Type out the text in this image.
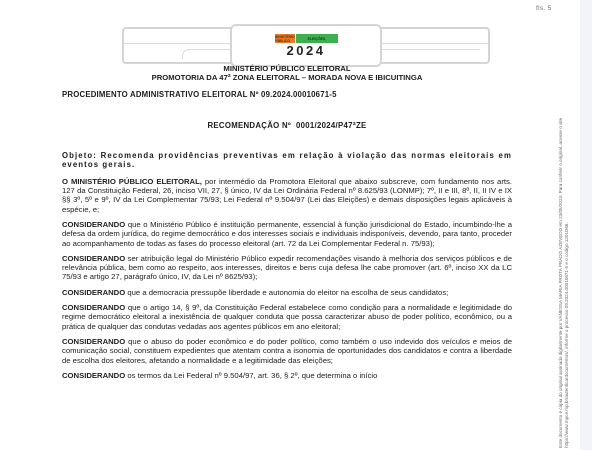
fls. 5
MINISTÉRIO PÚBLICO	ELEIÇÕES
2024
MINISTÉRIO PÚBLICO ELEITORAL
PROMOTORIA DA 47ª ZONA ELEITORAL – MORADA NOVA E IBICUITINGA
PROCEDIMENTO ADMINISTRATIVO ELEITORAL Nº 09.2024.00010671-5
RECOMENDAÇÃO Nº  0001/2024/P47ªZE

Objeto: Recomenda providências preventivas em relação à violação das normas eleitorais em eventos gerais.

O MINISTÉRIO PÚBLICO ELEITORAL, por intermédio da Promotora Eleitoral que abaixo subscreve, com fundamento nos arts. 127 da Constituição Federal, 26, inciso VII, 27, § único, IV da Lei Ordinária Federal nº 8.625/93 (LONMP); 7º, II e III, 8º, II, II IV e IX §§ 3º, 5º e 9º, IV da Lei Complementar 75/93; Lei Federal nº 9.504/97 (Lei das Eleições) e demais disposições legais aplicáveis à espécie, e;

CONSIDERANDO que o Ministério Público é instituição permanente, essencial à função jurisdicional do Estado, incumbindo-lhe a defesa da ordem jurídica, do regime democrático e dos interesses sociais e individuais indisponíveis, devendo, para tanto, proceder ao acompanhamento de todas as fases do processo eleitoral (art. 72 da Lei Complementar Federal n. 75/93);

CONSIDERANDO ser atribuição legal do Ministério Público expedir recomendações visando à melhoria dos serviços públicos e de relevância pública, bem como ao respeito, aos interesses, direitos e bens cuja defesa lhe cabe promover (art. 6º, inciso XX da LC 75/93 e artigo 27, parágrafo único, IV, da Lei nº 8625/93);

CONSIDERANDO que a democracia pressupõe liberdade e autonomia do eleitor na escolha de seus candidatos;

CONSIDERANDO que o artigo 14, § 9º, da Constituição Federal estabelece como condição para a normalidade e legitimidade do regime democrático eleitoral a inexistência de qualquer conduta que possa caracterizar abuso de poder político, econômico, ou a prática de qualquer das condutas vedadas aos agentes públicos em ano eleitoral;

CONSIDERANDO que o abuso do poder econômico e do poder político, como também o uso indevido dos veículos e meios de comunicação social, constituem expedientes que atentam contra a isonomia de oportunidades dos candidatos e contra a liberdade de escolha dos eleitores, afetando a normalidade e a legitimidade das eleições;

CONSIDERANDO os termos da Lei Federal nº 9.504/97, art. 36, § 2º, que determina o início	Este documento é cópia do original assinado digitalmente por VANESSA MARIA FROTA PRADO AZEVEDO em 23/05/2024. Para conferir o original, acesse o site https://www.mpce.mp.br/autenticardocumentos/, informe o processo 09.2024.00010671-5 e o código 1201D66.
